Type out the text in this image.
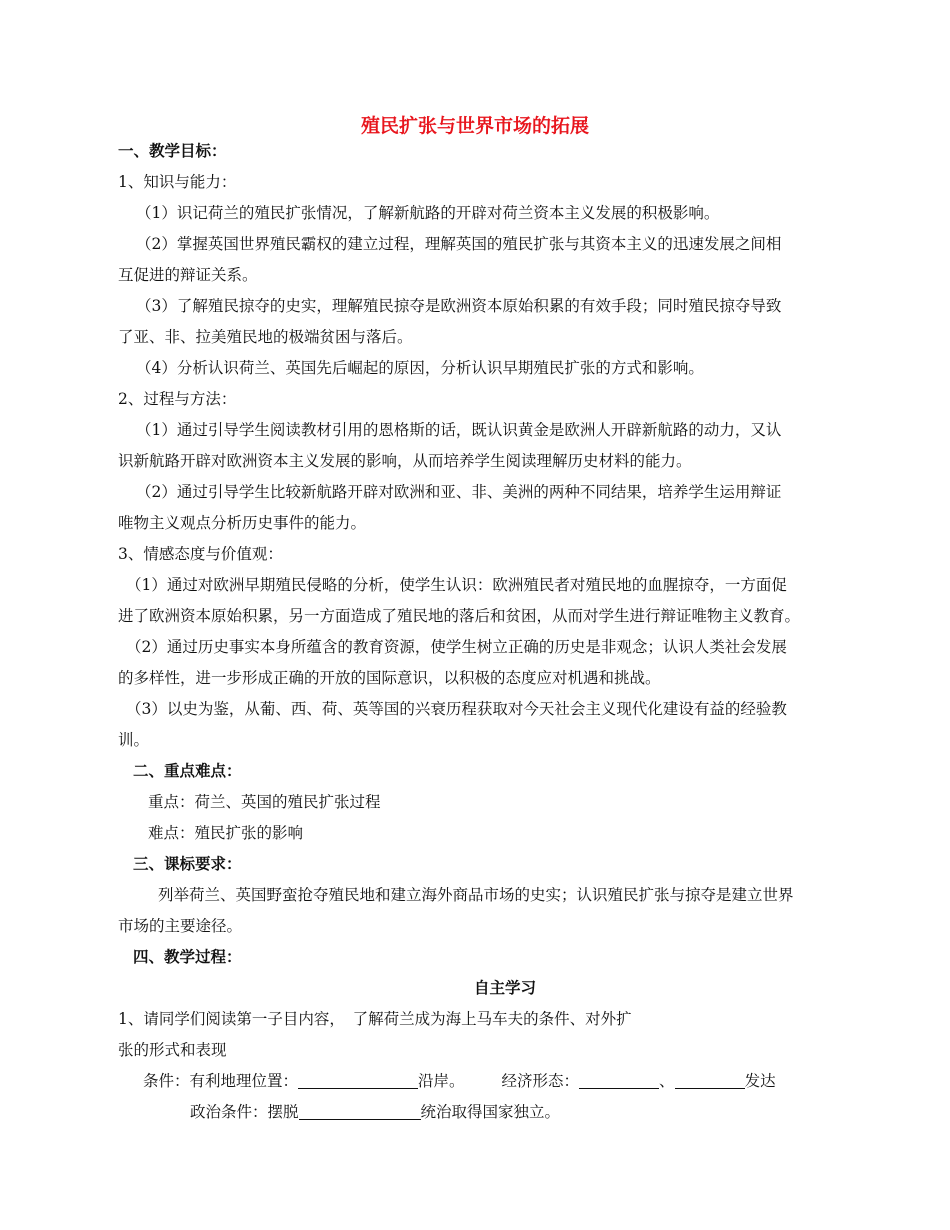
殖民扩张与世界市场的拓展
一、教学目标：
1、知识与能力：
（1）识记荷兰的殖民扩张情况，了解新航路的开辟对荷兰资本主义发展的积极影响。
（2）掌握英国世界殖民霸权的建立过程，理解英国的殖民扩张与其资本主义的迅速发展之间相
互促进的辩证关系。
（3）了解殖民掠夺的史实，理解殖民掠夺是欧洲资本原始积累的有效手段；同时殖民掠夺导致
了亚、非、拉美殖民地的极端贫困与落后。
（4）分析认识荷兰、英国先后崛起的原因，分析认识早期殖民扩张的方式和影响。
2、过程与方法：
（1）通过引导学生阅读教材引用的恩格斯的话，既认识黄金是欧洲人开辟新航路的动力，又认
识新航路开辟对欧洲资本主义发展的影响，从而培养学生阅读理解历史材料的能力。
（2）通过引导学生比较新航路开辟对欧洲和亚、非、美洲的两种不同结果，培养学生运用辩证
唯物主义观点分析历史事件的能力。
3、情感态度与价值观：
（1）通过对欧洲早期殖民侵略的分析，使学生认识：欧洲殖民者对殖民地的血腥掠夺，一方面促
进了欧洲资本原始积累，另一方面造成了殖民地的落后和贫困，从而对学生进行辩证唯物主义教育。
（2）通过历史事实本身所蕴含的教育资源，使学生树立正确的历史是非观念；认识人类社会发展
的多样性，进一步形成正确的开放的国际意识，以积极的态度应对机遇和挑战。
（3）以史为鉴，从葡、西、荷、英等国的兴衰历程获取对今天社会主义现代化建设有益的经验教
训。
二、重点难点：
重点：荷兰、英国的殖民扩张过程
难点：殖民扩张的影响
三、课标要求：
列举荷兰、英国野蛮抢夺殖民地和建立海外商品市场的史实；认识殖民扩张与掠夺是建立世界
市场的主要途径。
四、教学过程：
自主学习
1、请同学们阅读第一子目内容，　了解荷兰成为海上马车夫的条件、对外扩
张的形式和表现
条件：有利地理位置：	沿岸。 经济形态：	、	发达
政治条件：摆脱	统治取得国家独立。
